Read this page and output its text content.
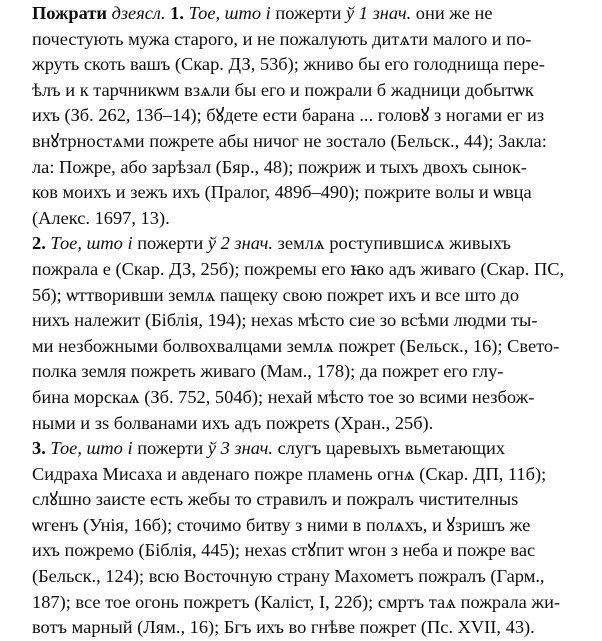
Пожрати дзеясл. 1. Тое, што і пожерти ў 1 знач. они же не
почестують мужа старого, и не пожалують дитѧти малого и по-
жруть скоть вашъ (Скар. ДЗ, 53б); жниво бы его голоднища пере-
ѣлъ и к тарчникѡм взѧли бы его и пожрали б жадници добытѡк
ихъ (Зб. 262, 13б–14); бꙋдете ести барана ... головꙋ з ногами ег из
внꙋтрностѧми пожрете абы ничог не зостало (Бельск., 44); Закла:
ла: Пожре, або зарѣзал (Бяр., 48); пожриж и тыхъ двохъ сынок-
ков моихъ и зежъ ихъ (Пралог, 489б–490); пожрите волы и ѡвца
(Алекс. 1697, 13).
2. Тое, што і пожерти ў 2 знач. землѧ роступившисѧ живыхъ
пожрала е (Скар. ДЗ, 25б); пожремы его ꙗко адъ живаго (Скар. ПС,
5б); ѡттворивши землѧ пащеку свою пожрет ихъ и все што до
нихъ належит (Біблія, 194); нехаѕ мѣсто сие зо всѣми людми ты-
ми незбожными болвохвалцами землѧ пожрет (Бельск., 16); Свето-
полка земля пожреть живаго (Мам., 178); да пожрет его глу-
бина морскаѧ (Зб. 752, 504б); нехай мѣсто тое зо всими незбож-
ными и зѕ болванами ихъ адъ пожретѕ (Хран., 25б).
3. Тое, што і пожерти ў 3 знач. слугъ царевыхъ вьметающих
Сидраха Мисаха и авденаго пожре пламень огнѧ (Скар. ДП, 11б);
слꙋшно заисте есть жебы то стравилъ и пожралъ чистителныѕ
ѡгенъ (Унія, 16б); сточимо битву з ними в полѧхъ, и ꙋзришъ же
ихъ пожремо (Біблія, 445); нехаѕ стꙋпит ѡгон з неба и пожре вас
(Бельск., 124); всю Восточную страну Махометъ пожралъ (Гарм.,
187); все тое огонь пожретъ (Каліст, І, 22б); смртъ таѧ пожрала жи-
вотъ марный (Лям., 16); Бгъ ихъ во гнѣве пожрет (Пс. XVII, 43).
